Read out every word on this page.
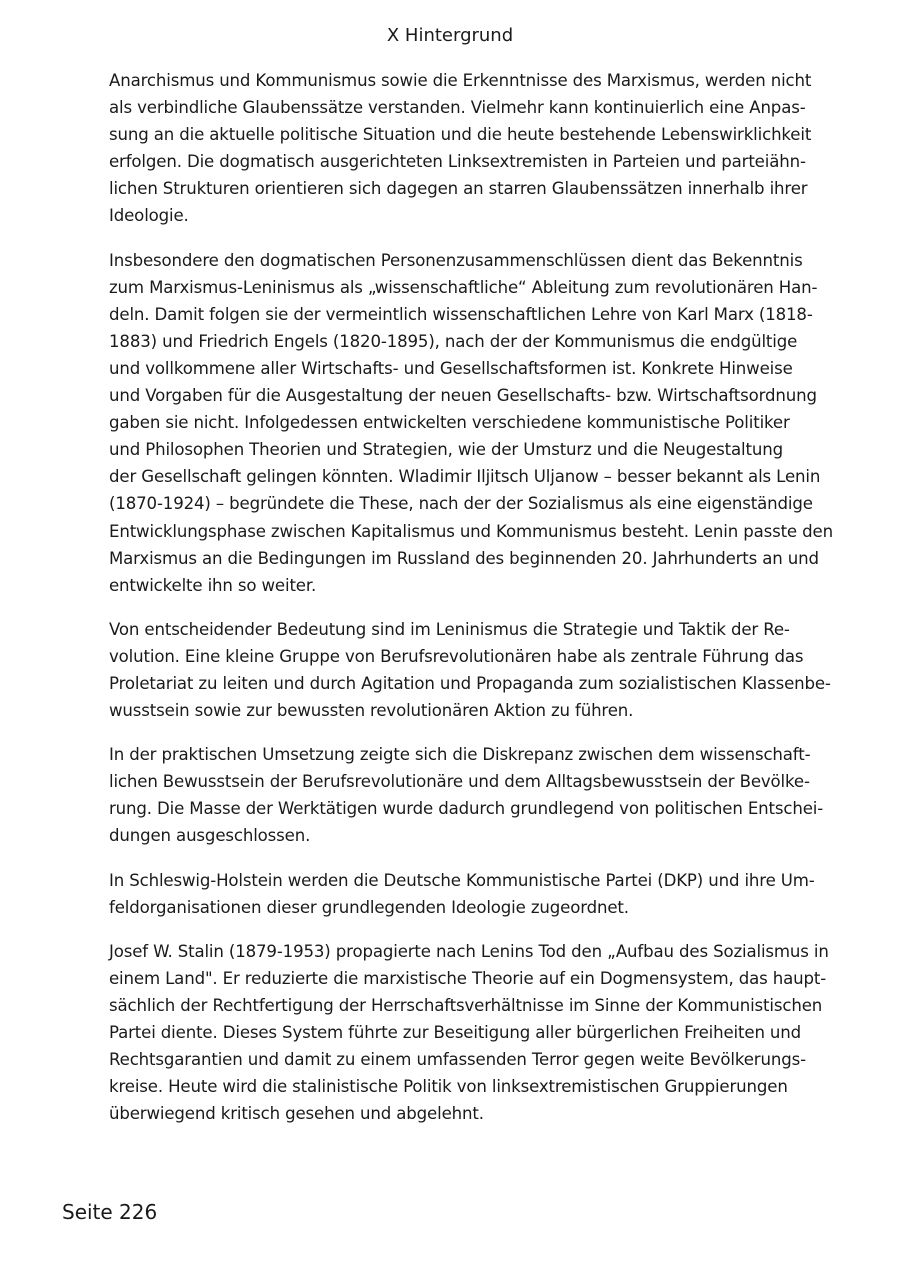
X Hintergrund
Anarchismus und Kommunismus sowie die Erkenntnisse des Marxismus, werden nicht
als verbindliche Glaubenssätze verstanden. Vielmehr kann kontinuierlich eine Anpas-
sung an die aktuelle politische Situation und die heute bestehende Lebenswirklichkeit
erfolgen. Die dogmatisch ausgerichteten Linksextremisten in Parteien und parteiähn-
lichen Strukturen orientieren sich dagegen an starren Glaubenssätzen innerhalb ihrer
Ideologie.
Insbesondere den dogmatischen Personenzusammenschlüssen dient das Bekenntnis
zum Marxismus-Leninismus als „wissenschaftliche“ Ableitung zum revolutionären Han-
deln. Damit folgen sie der vermeintlich wissenschaftlichen Lehre von Karl Marx (1818-
1883) und Friedrich Engels (1820-1895), nach der der Kommunismus die endgültige
und vollkommene aller Wirtschafts- und Gesellschaftsformen ist. Konkrete Hinweise
und Vorgaben für die Ausgestaltung der neuen Gesellschafts- bzw. Wirtschaftsordnung
gaben sie nicht. Infolgedessen entwickelten verschiedene kommunistische Politiker
und Philosophen Theorien und Strategien, wie der Umsturz und die Neugestaltung
der Gesellschaft gelingen könnten. Wladimir Iljitsch Uljanow – besser bekannt als Lenin
(1870-1924) – begründete die These, nach der der Sozialismus als eine eigenständige
Entwicklungsphase zwischen Kapitalismus und Kommunismus besteht. Lenin passte den
Marxismus an die Bedingungen im Russland des beginnenden 20. Jahrhunderts an und
entwickelte ihn so weiter.
Von entscheidender Bedeutung sind im Leninismus die Strategie und Taktik der Re-
volution. Eine kleine Gruppe von Berufsrevolutionären habe als zentrale Führung das
Proletariat zu leiten und durch Agitation und Propaganda zum sozialistischen Klassenbe-
wusstsein sowie zur bewussten revolutionären Aktion zu führen.
In der praktischen Umsetzung zeigte sich die Diskrepanz zwischen dem wissenschaft-
lichen Bewusstsein der Berufsrevolutionäre und dem Alltagsbewusstsein der Bevölke-
rung. Die Masse der Werktätigen wurde dadurch grundlegend von politischen Entschei-
dungen ausgeschlossen.
In Schleswig-Holstein werden die Deutsche Kommunistische Partei (DKP) und ihre Um-
feldorganisationen dieser grundlegenden Ideologie zugeordnet.
Josef W. Stalin (1879-1953) propagierte nach Lenins Tod den „Aufbau des Sozialismus in
einem Land". Er reduzierte die marxistische Theorie auf ein Dogmensystem, das haupt-
sächlich der Rechtfertigung der Herrschaftsverhältnisse im Sinne der Kommunistischen
Partei diente. Dieses System führte zur Beseitigung aller bürgerlichen Freiheiten und
Rechtsgarantien und damit zu einem umfassenden Terror gegen weite Bevölkerungs-
kreise. Heute wird die stalinistische Politik von linksextremistischen Gruppierungen
überwiegend kritisch gesehen und abgelehnt.
Seite 226
